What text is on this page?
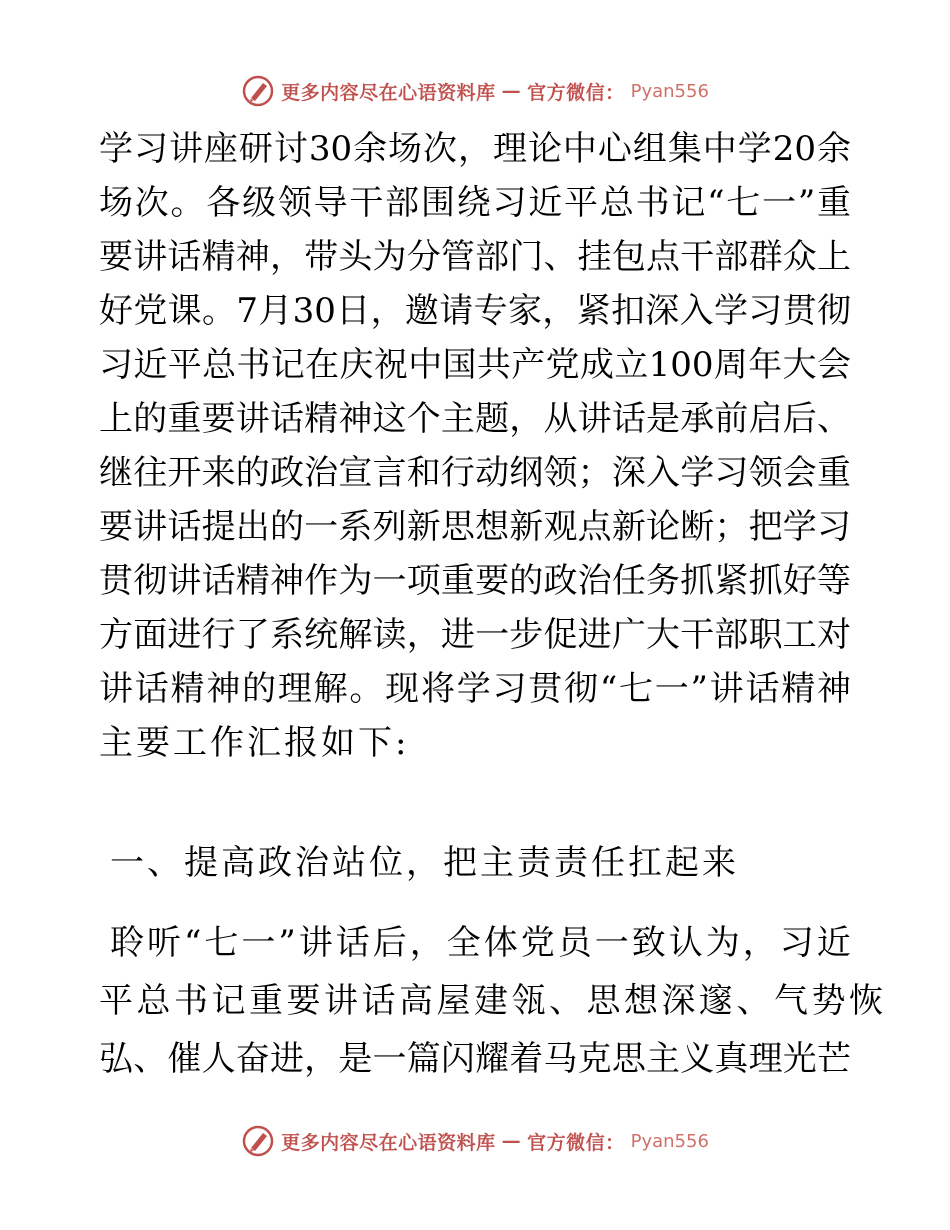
更多内容尽在心语资料库 — 官方微信： Pyan556
学习讲座研讨30余场次，理论中心组集中学20余
场次。各级领导干部围绕习近平总书记“七一”重
要讲话精神，带头为分管部门、挂包点干部群众上
好党课。7月30日，邀请专家，紧扣深入学习贯彻
习近平总书记在庆祝中国共产党成立100周年大会
上的重要讲话精神这个主题，从讲话是承前启后、
继往开来的政治宣言和行动纲领；深入学习领会重
要讲话提出的一系列新思想新观点新论断；把学习
贯彻讲话精神作为一项重要的政治任务抓紧抓好等
方面进行了系统解读，进一步促进广大干部职工对
讲话精神的理解。现将学习贯彻“七一”讲话精神
主要工作汇报如下:
一、提高政治站位，把主责责任扛起来
聆听“七一”讲话后，全体党员一致认为，习近
平总书记重要讲话高屋建瓴、思想深邃、气势恢
弘、催人奋进，是一篇闪耀着马克思主义真理光芒
更多内容尽在心语资料库 — 官方微信： Pyan556
